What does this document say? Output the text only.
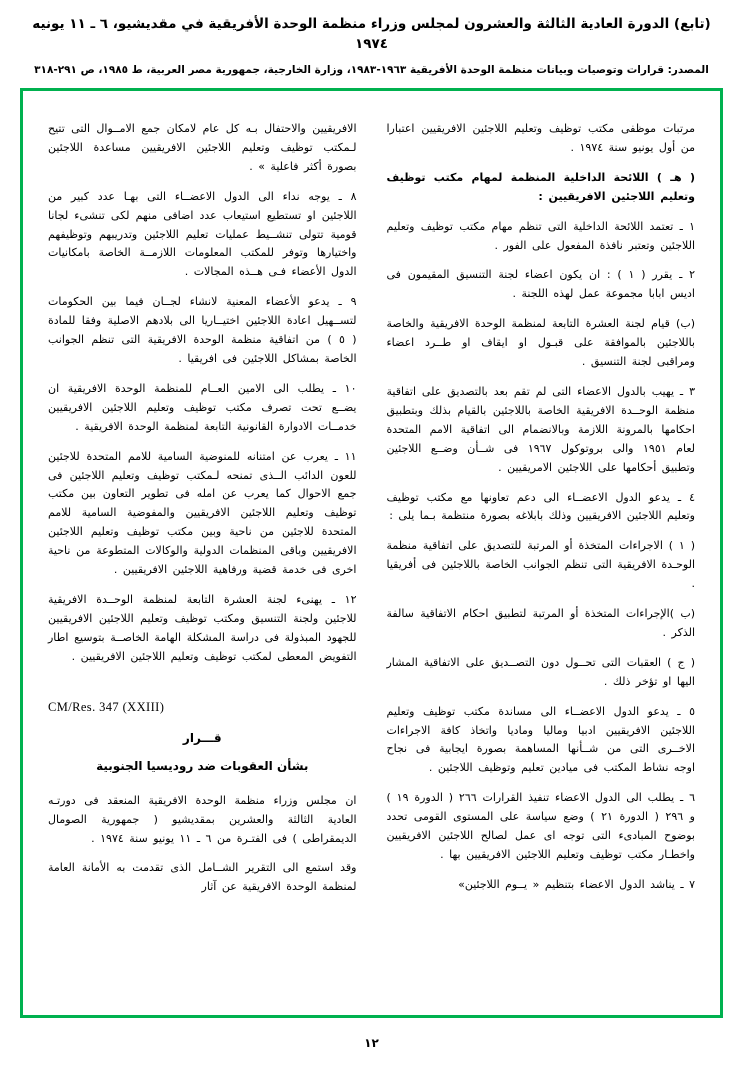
(تابع) الدورة العادية الثالثة والعشرون لمجلس وزراء منظمة الوحدة الأفريقية في مقديشيو، ٦ ـ ١١ يونيه ١٩٧٤
المصدر: قرارات وتوصيات وبيانات منظمة الوحدة الأفريقية ١٩٦٣-١٩٨٣، وزارة الخارجية، جمهورية مصر العربية، ط ١٩٨٥، ص ٢٩١-٣١٨
مرتبات موظفى مكتب توظيف وتعليم اللاجئين الافريقيين اعتبارا من أول يونيو سنة ١٩٧٤ .
( هـ ) اللائحة الداخلية المنظمة لمهام مكتب توظيف وتعليم اللاجئين الافريقيين :
١ ـ تعتمد اللائحة الداخلية التى تنظم مهام مكتب توظيف وتعليم اللاجئين وتعتبر نافذة المفعول على الفور .
٢ ـ يقرر ( ١ ) : ان يكون اعضاء لجنة التنسيق المقيمون فى اديس ابابا مجموعة عمل لهذه اللجنة .
(ب) قيام لجنة العشرة التابعة لمنظمة الوحدة الافريقية والخاصة باللاجئين بالموافقة على قبـول او ايقاف او طــرد اعضاء ومراقبى لجنة التنسيق .
٣ ـ يهيب بالدول الاعضاء التى لم تقم بعد بالتصديق على اتفاقية منظمة الوحــدة الافريقية الخاصة باللاجئين بالقيام بذلك وبتطبيق احكامها بالمرونة اللازمة وبالانضمام الى اتفاقية الامم المتحدة لعام ١٩٥١ والى بروتوكول ١٩٦٧ فى شــأن وضــع اللاجئين وتطبيق أحكامها على اللاجئين الامريقيين .
٤ ـ يدعو الدول الاعضــاء الى دعم تعاونها مع مكتب توظيف وتعليم اللاجئين الافريقيين وذلك بابلاغه بصورة منتظمة بـما يلى :
( ١ ) الاجراءات المتخذة أو المرتبة للتصديق على اتفاقية منظمة الوحـدة الافريقية التى تنظم الجوانب الخاصة باللاجئين فى أفريقيا .
(ب )الإجراءات المتخذة أو المرتبة لتطبيق احكام الاتفاقية سالفة الذكر .
( ج ) العقبات التى تحــول دون التصــديق على الاتفاقية المشار اليها او تؤخر ذلك .
٥ ـ يدعو الدول الاعضــاء الى مساندة مكتب توظيف وتعليم اللاجئين الافريقيين ادبيا وماليا وماديا واتخاذ كافة الاجراءات الاخــرى التى من شــأنها المساهمة بصورة ايجابية فى نجاح اوجه نشاط المكتب فى ميادين تعليم وتوظيف اللاجئين .
٦ ـ يطلب الى الدول الاعضاء تنفيذ القرارات ٢٦٦ ( الدورة ١٩ ) و ٢٩٦ ( الدورة ٢١ ) وضع سياسة على المستوى القومى تحدد بوضوح المبادىء التى توجه اى عمل لصالح اللاجئين الافريقيين واخطـار مكتب توظيف وتعليم اللاجئين الافريقيين بها .
٧ ـ يناشد الدول الاعضاء بتنظيم « يــوم اللاجئين»
الافريقيين والاحتفال بـه كل عام لامكان جمع الامــوال التى تتيح لـمكتب توظيف وتعليم اللاجئين الافريقيين مساعدة اللاجئين بصورة أكثر فاعلية » .
٨ ـ يوجه نداء الى الدول الاعضــاء التى بهـا عدد كبير من اللاجئين او تستطيع استيعاب عدد اضافى منهم لكى تنشىء لجانا قومية تتولى تنشــيط عمليات تعليم اللاجئين وتدريبهم وتوظيفهم واختيارها وتوفر للمكتب المعلومات اللازمــة الخاصة بامكانيات الدول الأعضاء فـى هــذه المجالات .
٩ ـ يدعو الأعضاء المعنية لانشاء لجــان فيما بين الحكومات لتســهيل اعادة اللاجئين اختيــاريا الى بلادهم الاصلية وفقا للمادة ( ٥ ) من اتفاقية منظمة الوحدة الافريقية التى تنظم الجوانب الخاصة بمشاكل اللاجئين فى افريقيا .
١٠ ـ يطلب الى الامين العــام للمنظمة الوحدة الافريقية ان يضــع تحت تصرف مكتب توظيف وتعليم اللاجئين الافريقيين خدمــات الادوارة القانونية التابعة لمنظمة الوحدة الافريقية .
١١ ـ يعرب عن امتنانه للمنوضية السامية للامم المتحدة للاجئين للعون الدائب الــذى تمنحه لـمكتب توظيف وتعليم اللاجئين فى جمع الاحوال كما يعرب عن امله فى تطوير التعاون بين مكتب توظيف وتعليم اللاجئين الافريقيين والمفوضية السامية للامم المتحدة للاجئين من ناحية وبين مكتب توظيف وتعليم اللاجئين الافريقيين وباقى المنظمات الدولية والوكالات المتطوعة من ناحية اخرى فى خدمة قضية ورفاهية اللاجئين الافريقيين .
١٢ ـ يهنىء لجنة العشرة التابعة لمنظمة الوحــدة الافريقية للاجئين ولجنة التنسيق ومكتب توظيف وتعليم اللاجئين الافريقيين للجهود المبذولة فى دراسة المشكلة الهامة الخاصــة بتوسيع اطار التفويض المعطى لمكتب توظيف وتعليم اللاجئين الافريقيين .
CM/Res. 347 (XXIII)
قـــرار
بشأن العقوبات ضد روديسيا الجنوبية
ان مجلس وزراء منظمة الوحدة الافريقية المنعقد فى دورتـه العادية الثالثة والعشرين بمقديشيو ( جمهورية الصومال الديمقراطى ) فى الفتـرة من ٦ ـ ١١ يونيو سنة ١٩٧٤ .
وقد استمع الى التقرير الشــامل الذى تقدمت به الأمانة العامة لمنظمة الوحدة الافريقية عن آثار
١٢
